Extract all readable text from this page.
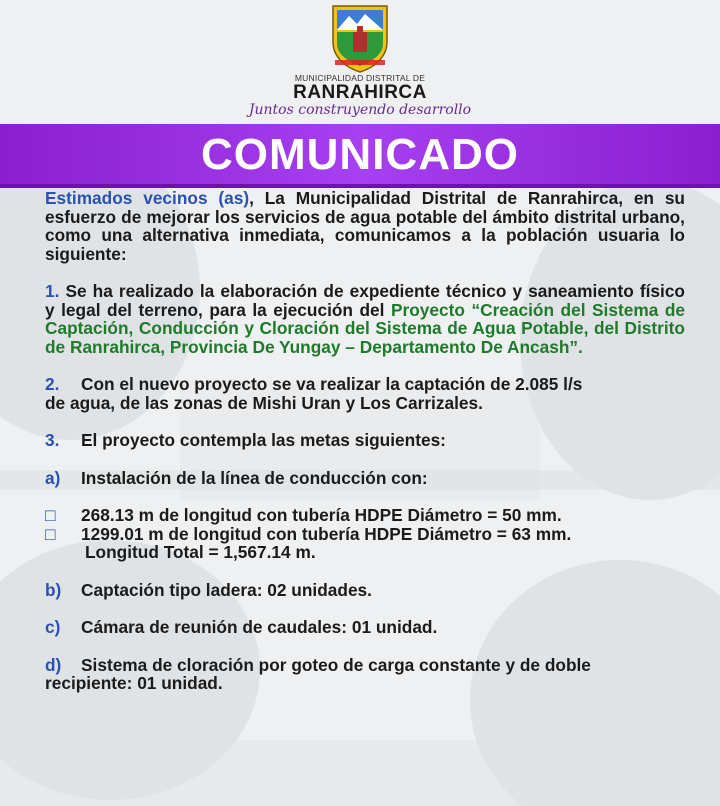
MUNICIPALIDAD DISTRITAL DE
RANRAHIRCA
Juntos construyendo desarrollo
COMUNICADO

Estimados vecinos (as), La Municipalidad Distrital de Ranrahirca, en su esfuerzo de mejorar los servicios de agua potable del ámbito distrital urbano, como una alternativa inmediata, comunicamos a la población usuaria lo siguiente:

1. Se ha realizado la elaboración de expediente técnico y saneamiento físico y legal del terreno, para la ejecución del Proyecto “Creación del Sistema de Captación, Conducción y Cloración del Sistema de Agua Potable, del Distrito de Ranrahirca, Provincia De Yungay – Departamento De Ancash”.

2.	Con el nuevo proyecto se va realizar la captación de 2.085 l/s
de agua, de las zonas de Mishi Uran y Los Carrizales.
3.	El proyecto contempla las metas siguientes:
a)	Instalación de la línea de conducción con:
□	268.13 m de longitud con tubería HDPE Diámetro = 50 mm.
□	1299.01 m de longitud con tubería HDPE Diámetro = 63 mm.
Longitud Total = 1,567.14 m.
b)	Captación tipo ladera: 02 unidades.
c)	Cámara de reunión de caudales: 01 unidad.
d)	Sistema de cloración por goteo de carga constante y de doble
recipiente: 01 unidad.
